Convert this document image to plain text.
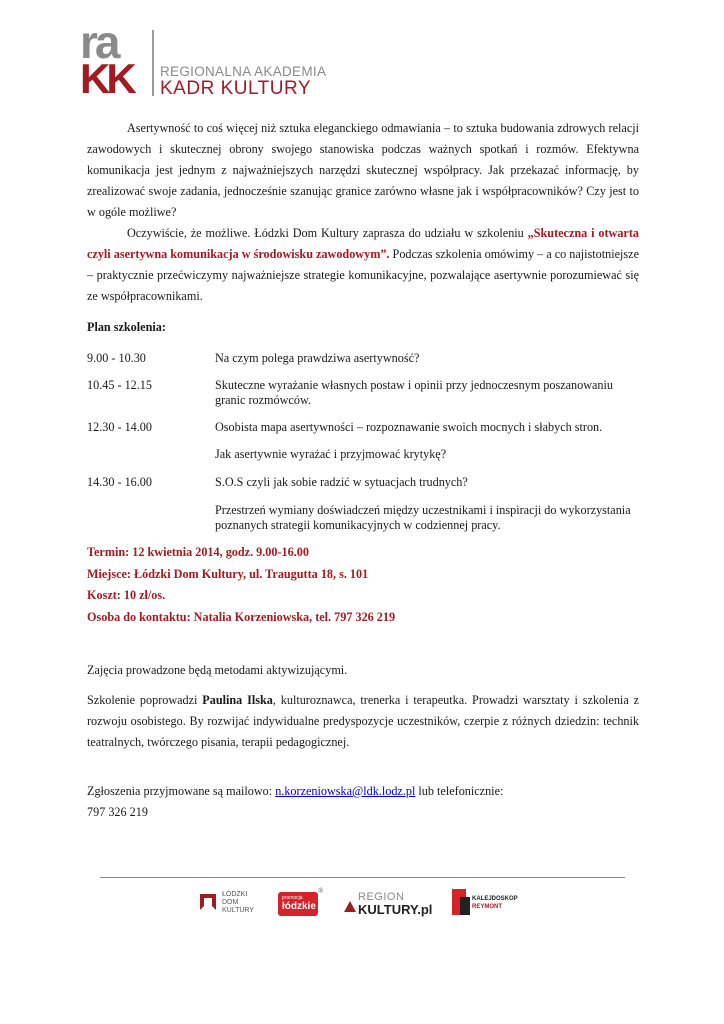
ra
KK REGIONALNA AKADEMIA
KADR KULTURY

Asertywność to coś więcej niż sztuka eleganckiego odmawiania – to sztuka budowania zdrowych relacji zawodowych i skutecznej obrony swojego stanowiska podczas ważnych spotkań i rozmów. Efektywna komunikacja jest jednym z najważniejszych narzędzi skutecznej współpracy. Jak przekazać informację, by zrealizować swoje zadania, jednocześnie szanując granice zarówno własne jak i współpracowników? Czy jest to w ogóle możliwe?

Oczywiście, że możliwe. Łódzki Dom Kultury zaprasza do udziału w szkoleniu „Skuteczna i otwarta czyli asertywna komunikacja w środowisku zawodowym”. Podczas szkolenia omówimy – a co najistotniejsze – praktycznie przećwiczymy najważniejsze strategie komunikacyjne, pozwalające asertywnie porozumiewać się ze współpracownikami.

Plan szkolenia:

9.00 - 10.30	Na czym polega prawdziwa asertywność?
10.45 - 12.15	Skuteczne wyrażanie własnych postaw i opinii przy jednoczesnym poszanowaniu granic rozmówców.
12.30 - 14.00	Osobista mapa asertywności – rozpoznawanie swoich mocnych i słabych stron.
Jak asertywnie wyrażać i przyjmować krytykę?
14.30 - 16.00	S.O.S czyli jak sobie radzić w sytuacjach trudnych?
Przestrzeń wymiany doświadczeń między uczestnikami i inspiracji do wykorzystania poznanych strategii komunikacyjnych w codziennej pracy.
Termin: 12 kwietnia 2014, godz. 9.00-16.00
Miejsce: Łódzki Dom Kultury, ul. Traugutta 18, s. 101
Koszt: 10 zł/os.
Osoba do kontaktu: Natalia Korzeniowska, tel. 797 326 219

Zajęcia prowadzone będą metodami aktywizującymi.

Szkolenie poprowadzi Paulina Ilska, kulturoznawca, trenerka i terapeutka. Prowadzi warsztaty i szkolenia z rozwoju osobistego. By rozwijać indywidualne predyspozycje uczestników, czerpie z różnych dziedzin: technik teatralnych, twórczego pisania, terapii pedagogicznej.

Zgłoszenia przyjmowane są mailowo: n.korzeniowska@ldk.lodz.pl lub telefonicznie:

797 326 219

ŁÓDZKI DOM KULTURY
promocja
łódzkie
®	REGION
KULTURY.pl
KALEJDOSKOP
REYMONT
